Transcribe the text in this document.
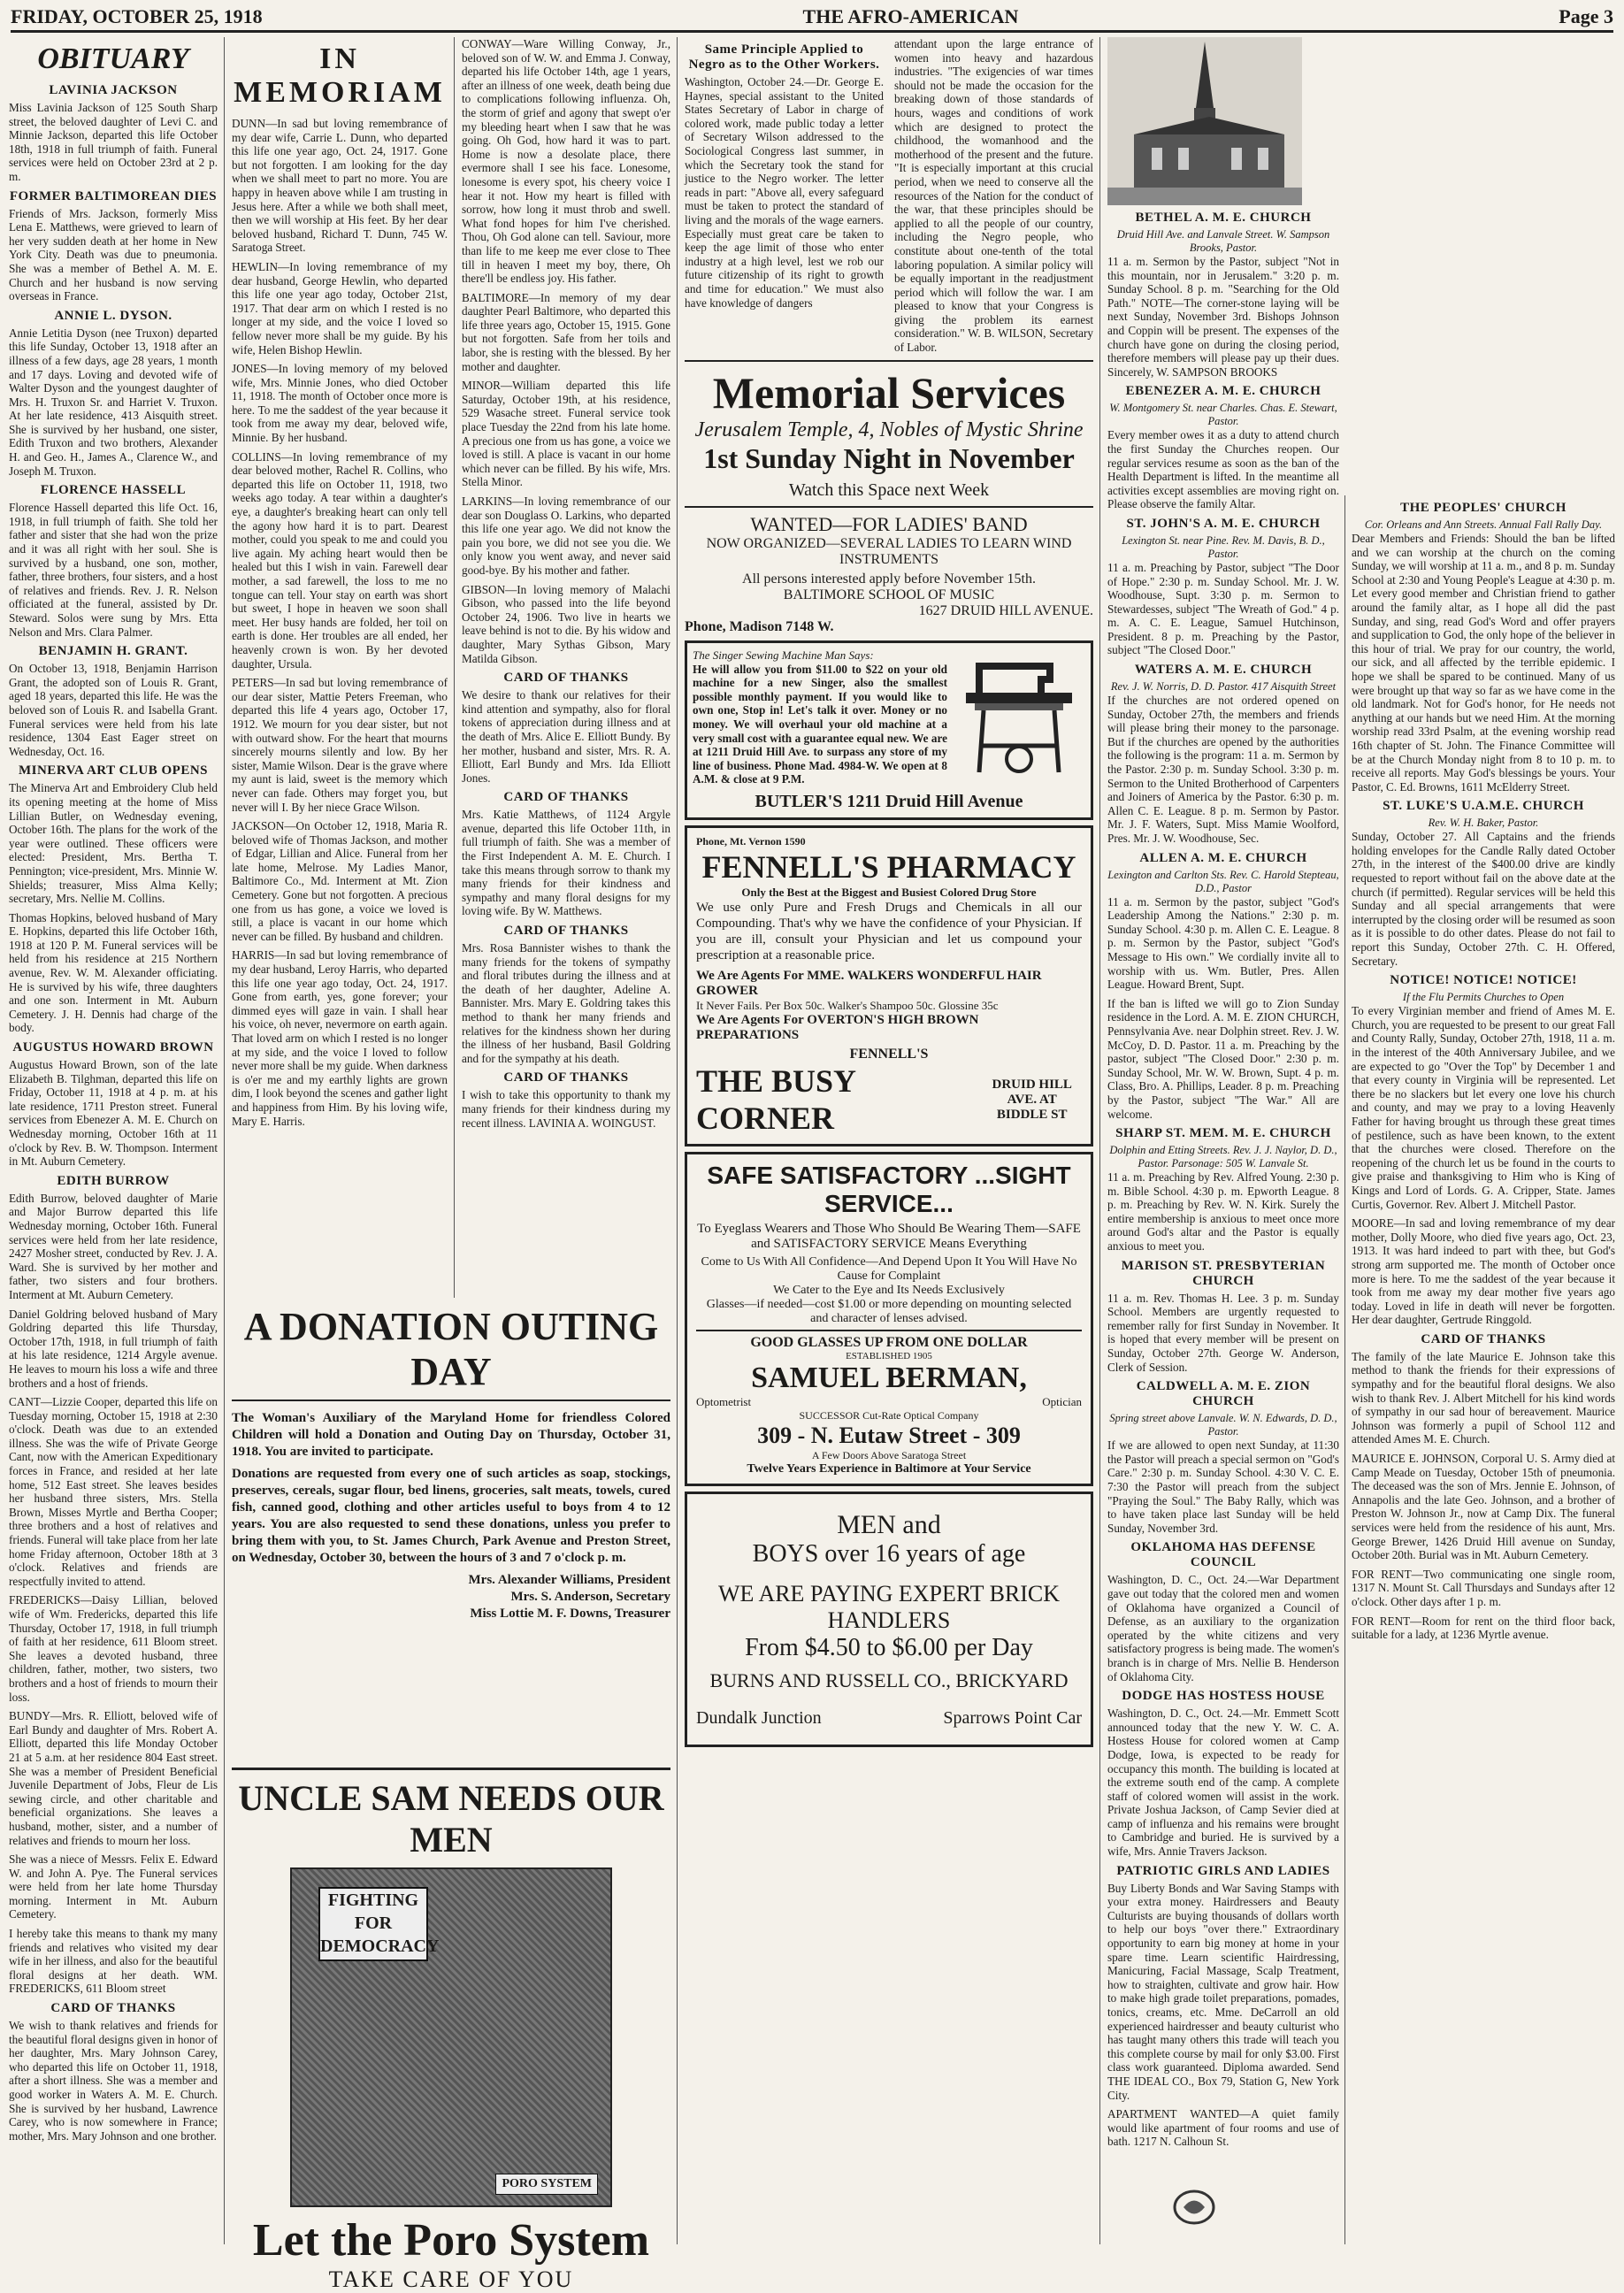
FRIDAY, OCTOBER 25, 1918	THE AFRO-AMERICAN	Page 3
OBITUARY
LAVINIA JACKSON

Miss Lavinia Jackson of 125 South Sharp street, the beloved daughter of Levi C. and Minnie Jackson, departed this life October 18th, 1918 in full triumph of faith. Funeral services were held on October 23rd at 2 p. m.

FORMER BALTIMOREAN DIES

Friends of Mrs. Jackson, formerly Miss Lena E. Matthews, were grieved to learn of her very sudden death at her home in New York City. Death was due to pneumonia. She was a member of Bethel A. M. E. Church and her husband is now serving overseas in France.

ANNIE L. DYSON.

Annie Letitia Dyson (nee Truxon) departed this life Sunday, October 13, 1918 after an illness of a few days, age 28 years, 1 month and 17 days. Loving and devoted wife of Walter Dyson and the youngest daughter of Mrs. H. Truxon Sr. and Harriet V. Truxon. At her late residence, 413 Aisquith street. She is survived by her husband, one sister, Edith Truxon and two brothers, Alexander H. and Geo. H., James A., Clarence W., and Joseph M. Truxon.

FLORENCE HASSELL

Florence Hassell departed this life Oct. 16, 1918, in full triumph of faith. She told her father and sister that she had won the prize and it was all right with her soul. She is survived by a husband, one son, mother, father, three brothers, four sisters, and a host of relatives and friends. Rev. J. R. Nelson officiated at the funeral, assisted by Dr. Steward. Solos were sung by Mrs. Etta Nelson and Mrs. Clara Palmer.

BENJAMIN H. GRANT.

On October 13, 1918, Benjamin Harrison Grant, the adopted son of Louis R. Grant, aged 18 years, departed this life. He was the beloved son of Louis R. and Isabella Grant. Funeral services were held from his late residence, 1304 East Eager street on Wednesday, Oct. 16.

MINERVA ART CLUB OPENS

The Minerva Art and Embroidery Club held its opening meeting at the home of Miss Lillian Butler, on Wednesday evening, October 16th. The plans for the work of the year were outlined. These officers were elected: President, Mrs. Bertha T. Pennington; vice-president, Mrs. Minnie W. Shields; treasurer, Miss Alma Kelly; secretary, Mrs. Nellie M. Collins.

Thomas Hopkins, beloved husband of Mary E. Hopkins, departed this life October 16th, 1918 at 120 P. M. Funeral services will be held from his residence at 215 Northern avenue, Rev. W. M. Alexander officiating. He is survived by his wife, three daughters and one son. Interment in Mt. Auburn Cemetery. J. H. Dennis had charge of the body.

AUGUSTUS HOWARD BROWN

Augustus Howard Brown, son of the late Elizabeth B. Tilghman, departed this life on Friday, October 11, 1918 at 4 p. m. at his late residence, 1711 Preston street. Funeral services from Ebenezer A. M. E. Church on Wednesday morning, October 16th at 11 o'clock by Rev. B. W. Thompson. Interment in Mt. Auburn Cemetery.

EDITH BURROW

Edith Burrow, beloved daughter of Marie and Major Burrow departed this life Wednesday morning, October 16th. Funeral services were held from her late residence, 2427 Mosher street, conducted by Rev. J. A. Ward. She is survived by her mother and father, two sisters and four brothers. Interment at Mt. Auburn Cemetery.

Daniel Goldring beloved husband of Mary Goldring departed this life Thursday, October 17th, 1918, in full triumph of faith at his late residence, 1214 Argyle avenue. He leaves to mourn his loss a wife and three brothers and a host of friends.

CANT—Lizzie Cooper, departed this life on Tuesday morning, October 15, 1918 at 2:30 o'clock. Death was due to an extended illness. She was the wife of Private George Cant, now with the American Expeditionary forces in France, and resided at her late home, 512 East street. She leaves besides her husband three sisters, Mrs. Stella Brown, Misses Myrtle and Bertha Cooper; three brothers and a host of relatives and friends. Funeral will take place from her late home Friday afternoon, October 18th at 3 o'clock. Relatives and friends are respectfully invited to attend.

FREDERICKS—Daisy Lillian, beloved wife of Wm. Fredericks, departed this life Thursday, October 17, 1918, in full triumph of faith at her residence, 611 Bloom street. She leaves a devoted husband, three children, father, mother, two sisters, two brothers and a host of friends to mourn their loss.

BUNDY—Mrs. R. Elliott, beloved wife of Earl Bundy and daughter of Mrs. Robert A. Elliott, departed this life Monday October 21 at 5 a.m. at her residence 804 East street. She was a member of President Beneficial Juvenile Department of Jobs, Fleur de Lis sewing circle, and other charitable and beneficial organizations. She leaves a husband, mother, sister, and a number of relatives and friends to mourn her loss.

She was a niece of Messrs. Felix E. Edward W. and John A. Pye. The Funeral services were held from her late home Thursday morning. Interment in Mt. Auburn Cemetery.

I hereby take this means to thank my many friends and relatives who visited my dear wife in her illness, and also for the beautiful floral designs at her death. WM. FREDERICKS, 611 Bloom street

CARD OF THANKS

We wish to thank relatives and friends for the beautiful floral designs given in honor of her daughter, Mrs. Mary Johnson Carey, who departed this life on October 11, 1918, after a short illness. She was a member and good worker in Waters A. M. E. Church. She is survived by her husband, Lawrence Carey, who is now somewhere in France; mother, Mrs. Mary Johnson and one brother.

IN MEMORIAM

DUNN—In sad but loving remembrance of my dear wife, Carrie L. Dunn, who departed this life one year ago, Oct. 24, 1917. Gone but not forgotten. I am looking for the day when we shall meet to part no more. You are happy in heaven above while I am trusting in Jesus here. After a while we both shall meet, then we will worship at His feet. By her dear beloved husband, Richard T. Dunn, 745 W. Saratoga Street.

HEWLIN—In loving remembrance of my dear husband, George Hewlin, who departed this life one year ago today, October 21st, 1917. That dear arm on which I rested is no longer at my side, and the voice I loved so fellow never more shall be my guide. By his wife, Helen Bishop Hewlin.

JONES—In loving memory of my beloved wife, Mrs. Minnie Jones, who died October 11, 1918. The month of October once more is here. To me the saddest of the year because it took from me away my dear, beloved wife, Minnie. By her husband.

COLLINS—In loving remembrance of my dear beloved mother, Rachel R. Collins, who departed this life on October 11, 1918, two weeks ago today. A tear within a daughter's eye, a daughter's breaking heart can only tell the agony how hard it is to part. Dearest mother, could you speak to me and could you live again. My aching heart would then be healed but this I wish in vain. Farewell dear mother, a sad farewell, the loss to me no tongue can tell. Your stay on earth was short but sweet, I hope in heaven we soon shall meet. Her busy hands are folded, her toil on earth is done. Her troubles are all ended, her heavenly crown is won. By her devoted daughter, Ursula.

PETERS—In sad but loving remembrance of our dear sister, Mattie Peters Freeman, who departed this life 4 years ago, October 17, 1912. We mourn for you dear sister, but not with outward show. For the heart that mourns sincerely mourns silently and low. By her sister, Mamie Wilson. Dear is the grave where my aunt is laid, sweet is the memory which never can fade. Others may forget you, but never will I. By her niece Grace Wilson.

JACKSON—On October 12, 1918, Maria R. beloved wife of Thomas Jackson, and mother of Edgar, Lillian and Alice. Funeral from her late home, Melrose. My Ladies Manor, Baltimore Co., Md. Interment at Mt. Zion Cemetery. Gone but not forgotten. A precious one from us has gone, a voice we loved is still, a place is vacant in our home which never can be filled. By husband and children.

HARRIS—In sad but loving remembrance of my dear husband, Leroy Harris, who departed this life one year ago today, Oct. 24, 1917. Gone from earth, yes, gone forever; your dimmed eyes will gaze in vain. I shall hear his voice, oh never, nevermore on earth again. That loved arm on which I rested is no longer at my side, and the voice I loved to follow never more shall be my guide. When darkness is o'er me and my earthly lights are grown dim, I look beyond the scenes and gather light and happiness from Him. By his loving wife, Mary E. Harris.

CONWAY—Ware Willing Conway, Jr., beloved son of W. W. and Emma J. Conway, departed his life October 14th, age 1 years, after an illness of one week, death being due to complications following influenza. Oh, the storm of grief and agony that swept o'er my bleeding heart when I saw that he was going. Oh God, how hard it was to part. Home is now a desolate place, there evermore shall I see his face. Lonesome, lonesome is every spot, his cheery voice I hear it not. How my heart is filled with sorrow, how long it must throb and swell. What fond hopes for him I've cherished. Thou, Oh God alone can tell. Saviour, more than life to me keep me ever close to Thee till in heaven I meet my boy, there, Oh there'll be endless joy. His father.

BALTIMORE—In memory of my dear daughter Pearl Baltimore, who departed this life three years ago, October 15, 1915. Gone but not forgotten. Safe from her toils and labor, she is resting with the blessed. By her mother and daughter.

MINOR—William departed this life Saturday, October 19th, at his residence, 529 Wasache street. Funeral service took place Tuesday the 22nd from his late home. A precious one from us has gone, a voice we loved is still. A place is vacant in our home which never can be filled. By his wife, Mrs. Stella Minor.

LARKINS—In loving remembrance of our dear son Douglass O. Larkins, who departed this life one year ago. We did not know the pain you bore, we did not see you die. We only know you went away, and never said good-bye. By his mother and father.

GIBSON—In loving memory of Malachi Gibson, who passed into the life beyond October 24, 1906. Two live in hearts we leave behind is not to die. By his widow and daughter, Mary Sythas Gibson, Mary Matilda Gibson.

CARD OF THANKS

We desire to thank our relatives for their kind attention and sympathy, also for floral tokens of appreciation during illness and at the death of Mrs. Alice E. Elliott Bundy. By her mother, husband and sister, Mrs. R. A. Elliott, Earl Bundy and Mrs. Ida Elliott Jones.

CARD OF THANKS

Mrs. Katie Matthews, of 1124 Argyle avenue, departed this life October 11th, in full triumph of faith. She was a member of the First Independent A. M. E. Church. I take this means through sorrow to thank my many friends for their kindness and sympathy and many floral designs for my loving wife. By W. Matthews.

CARD OF THANKS

Mrs. Rosa Bannister wishes to thank the many friends for the tokens of sympathy and floral tributes during the illness and at the death of her daughter, Adeline A. Bannister. Mrs. Mary E. Goldring takes this method to thank her many friends and relatives for the kindness shown her during the illness of her husband, Basil Goldring and for the sympathy at his death.

CARD OF THANKS

I wish to take this opportunity to thank my many friends for their kindness during my recent illness. LAVINIA A. WOINGUST.

A DONATION OUTING DAY

The Woman's Auxiliary of the Maryland Home for friendless Colored Children will hold a Donation and Outing Day on Thursday, October 31, 1918. You are invited to participate.

Donations are requested from every one of such articles as soap, stockings, preserves, cereals, sugar flour, bed linens, groceries, salt meats, towels, cured fish, canned good, clothing and other articles useful to boys from 4 to 12 years. You are also requested to send these donations, unless you prefer to bring them with you, to St. James Church, Park Avenue and Preston Street, on Wednesday, October 30, between the hours of 3 and 7 o'clock p. m.

Mrs. Alexander Williams, President
Mrs. S. Anderson, Secretary
Miss Lottie M. F. Downs, Treasurer
UNCLE SAM NEEDS OUR MEN
FIGHTING FOR DEMOCRACY
PORO SYSTEM
Let the Poro System
TAKE CARE OF YOU
Same Principle Applied to Negro as to the Other Workers.

Washington, October 24.—Dr. George E. Haynes, special assistant to the United States Secretary of Labor in charge of colored work, made public today a letter of Secretary Wilson addressed to the Sociological Congress last summer, in which the Secretary took the stand for justice to the Negro worker. The letter reads in part: "Above all, every safeguard must be taken to protect the standard of living and the morals of the wage earners. Especially must great care be taken to keep the age limit of those who enter industry at a high level, lest we rob our future citizenship of its right to growth and time for education." We must also have knowledge of dangers

attendant upon the large entrance of women into heavy and hazardous industries. "The exigencies of war times should not be made the occasion for the breaking down of those standards of hours, wages and conditions of work which are designed to protect the childhood, the womanhood and the motherhood of the present and the future. "It is especially important at this crucial period, when we need to conserve all the resources of the Nation for the conduct of the war, that these principles should be applied to all the people of our country, including the Negro people, who constitute about one-tenth of the total laboring population. A similar policy will be equally important in the readjustment period which will follow the war. I am pleased to know that your Congress is giving the problem its earnest consideration." W. B. WILSON, Secretary of Labor.

Memorial Services
Jerusalem Temple, 4, Nobles of Mystic Shrine
1st Sunday Night in November
Watch this Space next Week
WANTED—FOR LADIES' BAND
NOW ORGANIZED—SEVERAL LADIES TO LEARN WIND INSTRUMENTS
All persons interested apply before November 15th.
BALTIMORE SCHOOL OF MUSIC
1627 DRUID HILL AVENUE.
Phone, Madison 7148 W.
The Singer Sewing Machine Man Says:

He will allow you from $11.00 to $22 on your old machine for a new Singer, also the smallest possible monthly payment. If you would like to own one, Stop in! Let's talk it over. Money or no money. We will overhaul your old machine at a very small cost with a guarantee equal new. We are at 1211 Druid Hill Ave. to surpass any store of my line of business. Phone Mad. 4984-W. We open at 8 A.M. & close at 9 P.M.

BUTLER'S 1211 Druid Hill Avenue
Phone, Mt. Vernon 1590
FENNELL'S PHARMACY
Only the Best at the Biggest and Busiest Colored Drug Store

We use only Pure and Fresh Drugs and Chemicals in all our Compounding. That's why we have the confidence of your Physician. If you are ill, consult your Physician and let us compound your prescription at a reasonable price.

We Are Agents For MME. WALKERS WONDERFUL HAIR GROWER
It Never Fails. Per Box 50c. Walker's Shampoo 50c. Glossine 35c
We Are Agents For OVERTON'S HIGH BROWN PREPARATIONS
FENNELL'S
THE BUSY CORNER
DRUID HILL AVE. AT BIDDLE ST
SAFE SATISFACTORY ...SIGHT SERVICE...
To Eyeglass Wearers and Those Who Should Be Wearing Them—SAFE and SATISFACTORY SERVICE Means Everything
Come to Us With All Confidence—And Depend Upon It You Will Have No Cause for Complaint
We Cater to the Eye and Its Needs Exclusively
Glasses—if needed—cost $1.00 or more depending on mounting selected and character of lenses advised.
GOOD GLASSES UP FROM ONE DOLLAR
ESTABLISHED 1905
SAMUEL BERMAN,
Optometrist	Optician
SUCCESSOR Cut-Rate Optical Company
309 - N. Eutaw Street - 309
A Few Doors Above Saratoga Street
Twelve Years Experience in Baltimore at Your Service
MEN and
BOYS over 16 years of age
WE ARE PAYING EXPERT BRICK HANDLERS
From $4.50 to $6.00 per Day
BURNS AND RUSSELL CO., BRICKYARD
Dundalk Junction	Sparrows Point Car
BETHEL A. M. E. CHURCH
Druid Hill Ave. and Lanvale Street. W. Sampson Brooks, Pastor.

11 a. m. Sermon by the Pastor, subject "Not in this mountain, nor in Jerusalem." 3:20 p. m. Sunday School. 8 p. m. "Searching for the Old Path." NOTE—The corner-stone laying will be next Sunday, November 3rd. Bishops Johnson and Coppin will be present. The expenses of the church have gone on during the closing period, therefore members will please pay up their dues. Sincerely, W. SAMPSON BROOKS

EBENEZER A. M. E. CHURCH
W. Montgomery St. near Charles. Chas. E. Stewart, Pastor.

Every member owes it as a duty to attend church the first Sunday the Churches reopen. Our regular services resume as soon as the ban of the Health Department is lifted. In the meantime all activities except assemblies are moving right on. Please observe the family Altar.

ST. JOHN'S A. M. E. CHURCH
Lexington St. near Pine. Rev. M. Davis, B. D., Pastor.

11 a. m. Preaching by Pastor, subject "The Door of Hope." 2:30 p. m. Sunday School. Mr. J. W. Woodhouse, Supt. 3:30 p. m. Sermon to Stewardesses, subject "The Wreath of God." 4 p. m. A. C. E. League, Samuel Hutchinson, President. 8 p. m. Preaching by the Pastor, subject "The Closed Door."

WATERS A. M. E. CHURCH
Rev. J. W. Norris, D. D. Pastor. 417 Aisquith Street

If the churches are not ordered opened on Sunday, October 27th, the members and friends will please bring their money to the parsonage. But if the churches are opened by the authorities the following is the program: 11 a. m. Sermon by the Pastor. 2:30 p. m. Sunday School. 3:30 p. m. Sermon to the United Brotherhood of Carpenters and Joiners of America by the Pastor. 6:30 p. m. Allen C. E. League. 8 p. m. Sermon by Pastor. Mr. J. F. Waters, Supt. Miss Mamie Woolford, Pres. Mr. J. W. Woodhouse, Sec.

ALLEN A. M. E. CHURCH
Lexington and Carlton Sts. Rev. C. Harold Stepteau, D.D., Pastor

11 a. m. Sermon by the pastor, subject "God's Leadership Among the Nations." 2:30 p. m. Sunday School. 4:30 p. m. Allen C. E. League. 8 p. m. Sermon by the Pastor, subject "God's Message to His own." We cordially invite all to worship with us. Wm. Butler, Pres. Allen League. Howard Brent, Supt.

If the ban is lifted we will go to Zion Sunday residence in the Lord. A. M. E. ZION CHURCH, Pennsylvania Ave. near Dolphin street. Rev. J. W. McCoy, D. D. Pastor. 11 a. m. Preaching by the pastor, subject "The Closed Door." 2:30 p. m. Sunday School, Mr. W. W. Brown, Supt. 4 p. m. Class, Bro. A. Phillips, Leader. 8 p. m. Preaching by the Pastor, subject "The War." All are welcome.

SHARP ST. MEM. M. E. CHURCH
Dolphin and Etting Streets. Rev. J. J. Naylor, D. D., Pastor. Parsonage: 505 W. Lanvale St.

11 a. m. Preaching by Rev. Alfred Young. 2:30 p. m. Bible School. 4:30 p. m. Epworth League. 8 p. m. Preaching by Rev. W. N. Kirk. Surely the entire membership is anxious to meet once more around God's altar and the Pastor is equally anxious to meet you.

MARISON ST. PRESBYTERIAN CHURCH

11 a. m. Rev. Thomas H. Lee. 3 p. m. Sunday School. Members are urgently requested to remember rally for first Sunday in November. It is hoped that every member will be present on Sunday, October 27th. George W. Anderson, Clerk of Session.

CALDWELL A. M. E. ZION CHURCH
Spring street above Lanvale. W. N. Edwards, D. D., Pastor.

If we are allowed to open next Sunday, at 11:30 the Pastor will preach a special sermon on "God's Care." 2:30 p. m. Sunday School. 4:30 V. C. E. 7:30 the Pastor will preach from the subject "Praying the Soul." The Baby Rally, which was to have taken place last Sunday will be held Sunday, November 3rd.

OKLAHOMA HAS DEFENSE COUNCIL

Washington, D. C., Oct. 24.—War Department gave out today that the colored men and women of Oklahoma have organized a Council of Defense, as an auxiliary to the organization operated by the white citizens and very satisfactory progress is being made. The women's branch is in charge of Mrs. Nellie B. Henderson of Oklahoma City.

DODGE HAS HOSTESS HOUSE

Washington, D. C., Oct. 24.—Mr. Emmett Scott announced today that the new Y. W. C. A. Hostess House for colored women at Camp Dodge, Iowa, is expected to be ready for occupancy this month. The building is located at the extreme south end of the camp. A complete staff of colored women will assist in the work. Private Joshua Jackson, of Camp Sevier died at camp of influenza and his remains were brought to Cambridge and buried. He is survived by a wife, Mrs. Annie Travers Jackson.

PATRIOTIC GIRLS AND LADIES

Buy Liberty Bonds and War Saving Stamps with your extra money. Hairdressers and Beauty Culturists are buying thousands of dollars worth to help our boys "over there." Extraordinary opportunity to earn big money at home in your spare time. Learn scientific Hairdressing, Manicuring, Facial Massage, Scalp Treatment, how to straighten, cultivate and grow hair. How to make high grade toilet preparations, pomades, tonics, creams, etc. Mme. DeCarroll an old experienced hairdresser and beauty culturist who has taught many others this trade will teach you this complete course by mail for only $3.00. First class work guaranteed. Diploma awarded. Send THE IDEAL CO., Box 79, Station G, New York City.

APARTMENT WANTED—A quiet family would like apartment of four rooms and use of bath. 1217 N. Calhoun St.

THE PEOPLES' CHURCH
Cor. Orleans and Ann Streets. Annual Fall Rally Day.

Dear Members and Friends: Should the ban be lifted and we can worship at the church on the coming Sunday, we will worship at 11 a. m., and 8 p. m. Sunday School at 2:30 and Young People's League at 4:30 p. m. Let every good member and Christian friend to gather around the family altar, as I hope all did the past Sunday, and sing, read God's Word and offer prayers and supplication to God, the only hope of the believer in this hour of trial. We pray for our country, the world, our sick, and all affected by the terrible epidemic. I hope we shall be spared to be continued. Many of us were brought up that way so far as we have come in the old landmark. Not for God's honor, for He needs not anything at our hands but we need Him. At the morning worship read 33rd Psalm, at the evening worship read 16th chapter of St. John. The Finance Committee will be at the Church Monday night from 8 to 10 p. m. to receive all reports. May God's blessings be yours. Your Pastor, C. Ed. Browns, 1611 McElderry Street.

ST. LUKE'S U.A.M.E. CHURCH
Rev. W. H. Baker, Pastor.

Sunday, October 27. All Captains and the friends holding envelopes for the Candle Rally dated October 27th, in the interest of the $400.00 drive are kindly requested to report without fail on the above date at the church (if permitted). Regular services will be held this Sunday and all special arrangements that were interrupted by the closing order will be resumed as soon as it is possible to do other dates. Please do not fail to report this Sunday, October 27th. C. H. Offered, Secretary.

NOTICE! NOTICE! NOTICE!
If the Flu Permits Churches to Open

To every Virginian member and friend of Ames M. E. Church, you are requested to be present to our great Fall and County Rally, Sunday, October 27th, 1918, 11 a. m. in the interest of the 40th Anniversary Jubilee, and we are expected to go "Over the Top" by December 1 and that every county in Virginia will be represented. Let there be no slackers but let every one love his church and county, and may we pray to a loving Heavenly Father for having brought us through these great times of pestilence, such as have been known, to the extent that the churches were closed. Therefore on the reopening of the church let us be found in the courts to give praise and thanksgiving to Him who is King of Kings and Lord of Lords. G. A. Cripper, State. James Curtis, Governor. Rev. Albert J. Mitchell Pastor.

MOORE—In sad and loving remembrance of my dear mother, Dolly Moore, who died five years ago, Oct. 23, 1913. It was hard indeed to part with thee, but God's strong arm supported me. The month of October once more is here. To me the saddest of the year because it took from me away my dear mother five years ago today. Loved in life in death will never be forgotten. Her dear daughter, Gertrude Ringgold.

CARD OF THANKS

The family of the late Maurice E. Johnson take this method to thank the friends for their expressions of sympathy and for the beautiful floral designs. We also wish to thank Rev. J. Albert Mitchell for his kind words of sympathy in our sad hour of bereavement. Maurice Johnson was formerly a pupil of School 112 and attended Ames M. E. Church.

MAURICE E. JOHNSON, Corporal U. S. Army died at Camp Meade on Tuesday, October 15th of pneumonia. The deceased was the son of Mrs. Jennie E. Johnson, of Annapolis and the late Geo. Johnson, and a brother of Preston W. Johnson Jr., now at Camp Dix. The funeral services were held from the residence of his aunt, Mrs. George Brewer, 1426 Druid Hill avenue on Sunday, October 20th. Burial was in Mt. Auburn Cemetery.

FOR RENT—Two communicating one single room, 1317 N. Mount St. Call Thursdays and Sundays after 12 o'clock. Other days after 1 p. m.

FOR RENT—Room for rent on the third floor back, suitable for a lady, at 1236 Myrtle avenue.
